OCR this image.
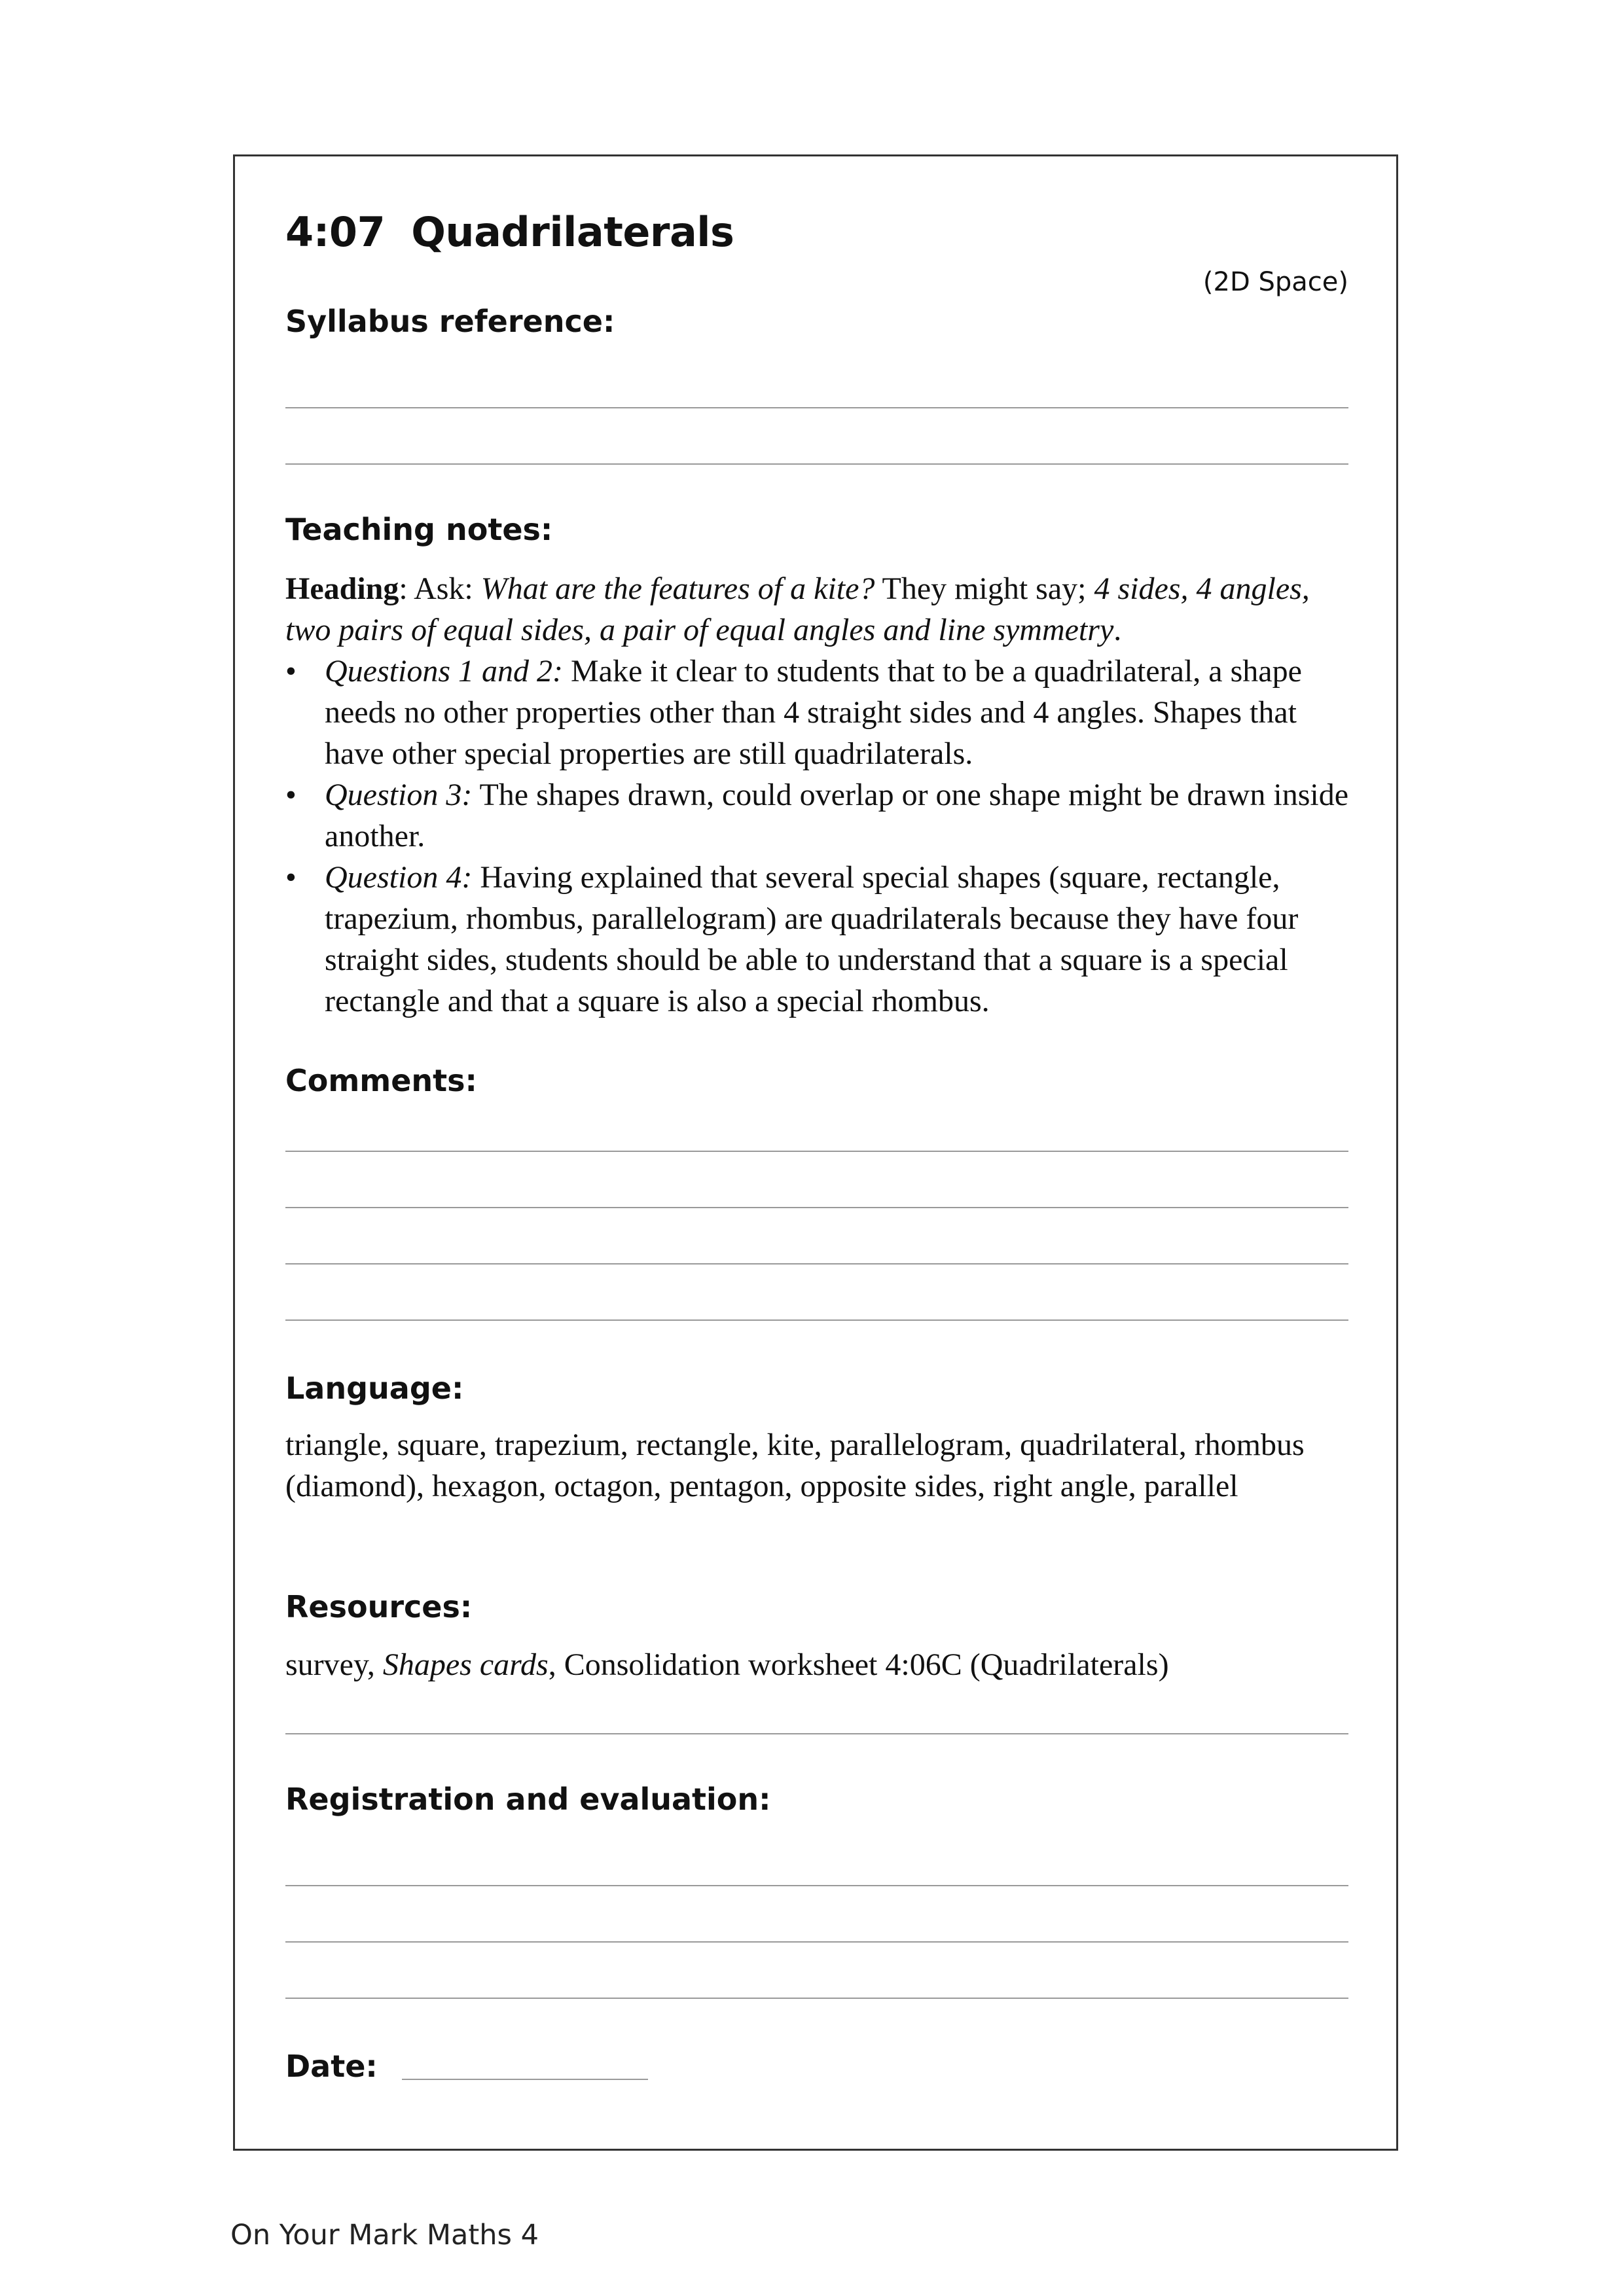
4:07 Quadrilaterals
(2D Space)
Syllabus reference:
Teaching notes:

Heading: Ask: What are the features of a kite? They might say; 4 sides, 4 angles, two pairs of equal sides, a pair of equal angles and line symmetry.

• Questions 1 and 2: Make it clear to students that to be a quadrilateral, a shape needs no other properties other than 4 straight sides and 4 angles. Shapes that have other special properties are still quadrilaterals.
• Question 3: The shapes drawn, could overlap or one shape might be drawn inside another.
• Question 4: Having explained that several special shapes (square, rectangle, trapezium, rhombus, parallelogram) are quadrilaterals because they have four straight sides, students should be able to understand that a square is a special rectangle and that a square is also a special rhombus.
Comments:
Language:
triangle, square, trapezium, rectangle, kite, parallelogram, quadrilateral, rhombus (diamond), hexagon, octagon, pentagon, opposite sides, right angle, parallel
Resources:
survey, Shapes cards, Consolidation worksheet 4:06C (Quadrilaterals)
Registration and evaluation:
Date:
On Your Mark Maths 4
